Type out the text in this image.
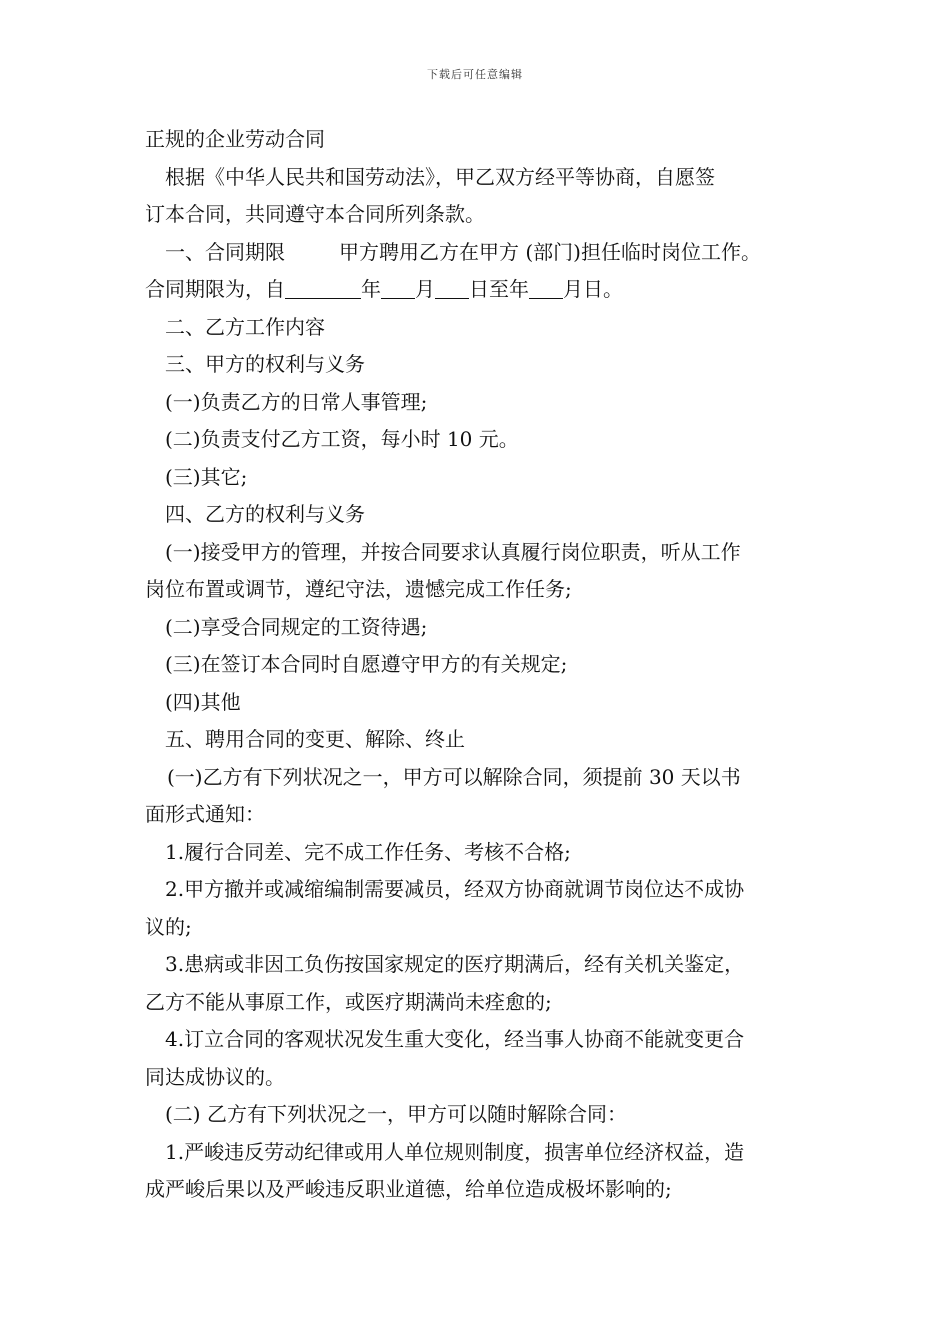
下载后可任意编辑
正规的企业劳动合同
根据《中华人民共和国劳动法》，甲乙双方经平等协商，自愿签
订本合同，共同遵守本合同所列条款。
一、合同期限	甲方聘用乙方在甲方 (部门)担任临时岗位工作。
合同期限为，自	年 月 日至年 月日。
二、乙方工作内容
三、甲方的权利与义务
(一)负责乙方的日常人事管理;
(二)负责支付乙方工资，每小时 10 元。
(三)其它;
四、乙方的权利与义务
(一)接受甲方的管理，并按合同要求认真履行岗位职责，听从工作
岗位布置或调节，遵纪守法，遗憾完成工作任务;
(二)享受合同规定的工资待遇;
(三)在签订本合同时自愿遵守甲方的有关规定;
(四)其他
五、聘用合同的变更、解除、终止
(一)乙方有下列状况之一，甲方可以解除合同，须提前 30 天以书
面形式通知：
1.履行合同差、完不成工作任务、考核不合格;
2.甲方撤并或减缩编制需要减员，经双方协商就调节岗位达不成协
议的;
3.患病或非因工负伤按国家规定的医疗期满后，经有关机关鉴定，
乙方不能从事原工作，或医疗期满尚未痊愈的;
4.订立合同的客观状况发生重大变化，经当事人协商不能就变更合
同达成协议的。
(二) 乙方有下列状况之一，甲方可以随时解除合同：
1.严峻违反劳动纪律或用人单位规则制度，损害单位经济权益，造
成严峻后果以及严峻违反职业道德，给单位造成极坏影响的;
